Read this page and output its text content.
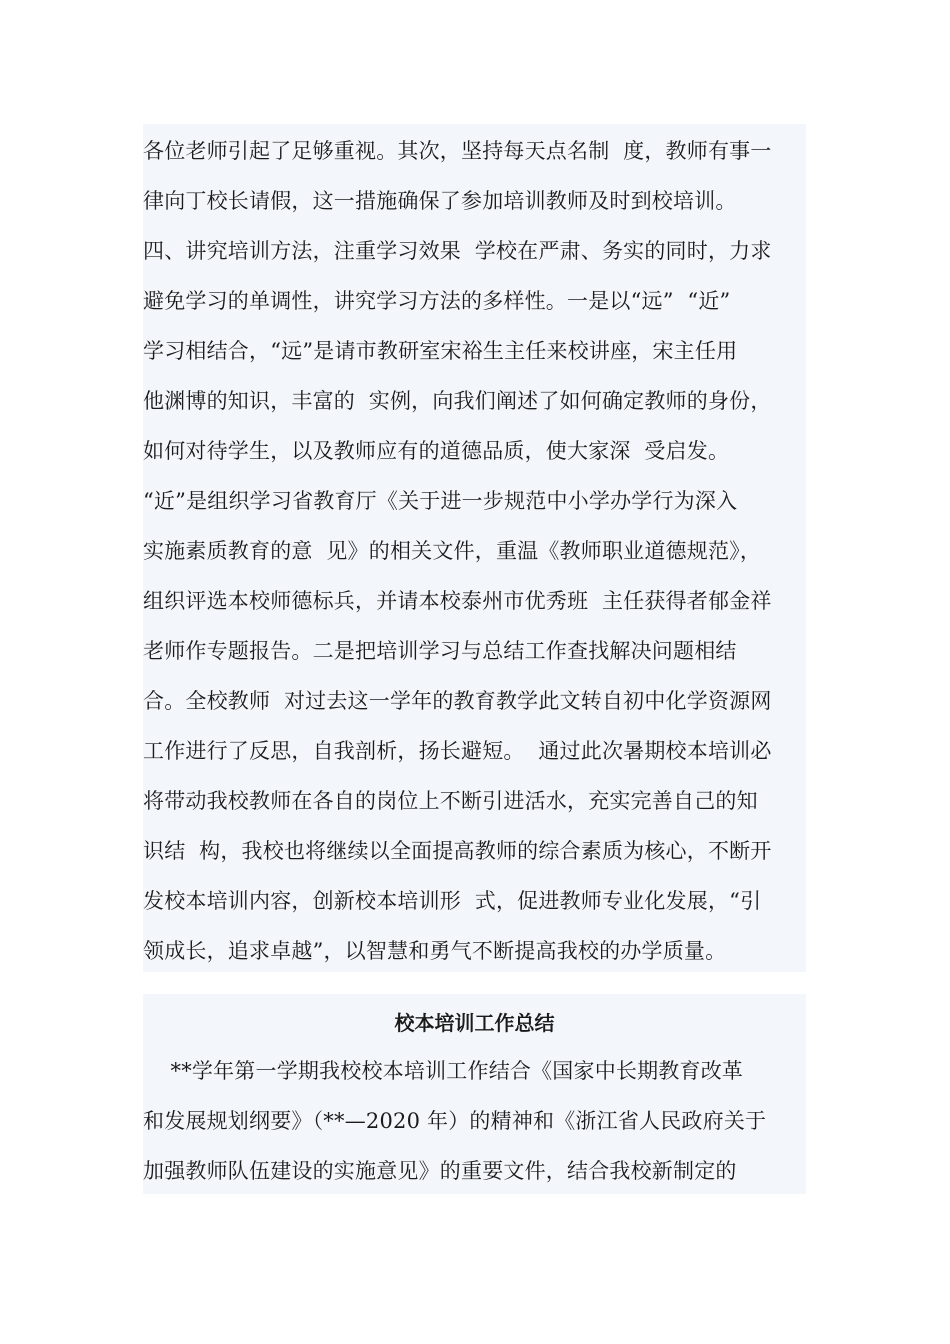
各位老师引起了足够重视。其次，坚持每天点名制  度，教师有事一
律向丁校长请假，这一措施确保了参加培训教师及时到校培训。
四、讲究培训方法，注重学习效果  学校在严肃、务实的同时，力求
避免学习的单调性，讲究学习方法的多样性。一是以“远”  “近”
学习相结合，“远”是请市教研室宋裕生主任来校讲座，宋主任用
他渊博的知识，丰富的  实例，向我们阐述了如何确定教师的身份，
如何对待学生，以及教师应有的道德品质，使大家深  受启发。
“近”是组织学习省教育厅《关于进一步规范中小学办学行为深入
实施素质教育的意  见》的相关文件，重温《教师职业道德规范》，
组织评选本校师德标兵，并请本校泰州市优秀班  主任获得者郁金祥
老师作专题报告。二是把培训学习与总结工作查找解决问题相结
合。全校教师  对过去这一学年的教育教学此文转自初中化学资源网
工作进行了反思，自我剖析，扬长避短。  通过此次暑期校本培训必
将带动我校教师在各自的岗位上不断引进活水，充实完善自己的知
识结  构，我校也将继续以全面提高教师的综合素质为核心，不断开
发校本培训内容，创新校本培训形  式，促进教师专业化发展，“引
领成长，追求卓越”，以智慧和勇气不断提高我校的办学质量。
校本培训工作总结
**学年第一学期我校校本培训工作结合《国家中长期教育改革
和发展规划纲要》（**—2020 年）的精神和《浙江省人民政府关于
加强教师队伍建设的实施意见》的重要文件，结合我校新制定的
